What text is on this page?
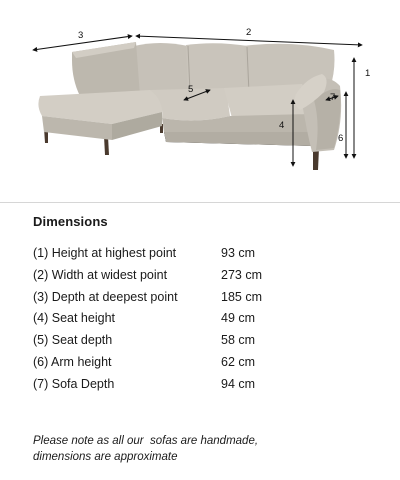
3	2
1
5
4
7
6
Dimensions
(1) Height at highest point	93 cm
(2) Width at widest point	273 cm
(3) Depth at deepest point	185 cm
(4) Seat height	49 cm
(5) Seat depth	58 cm
(6) Arm height	62 cm
(7) Sofa Depth	94 cm
Please note as all our  sofas are handmade,
dimensions are approximate
